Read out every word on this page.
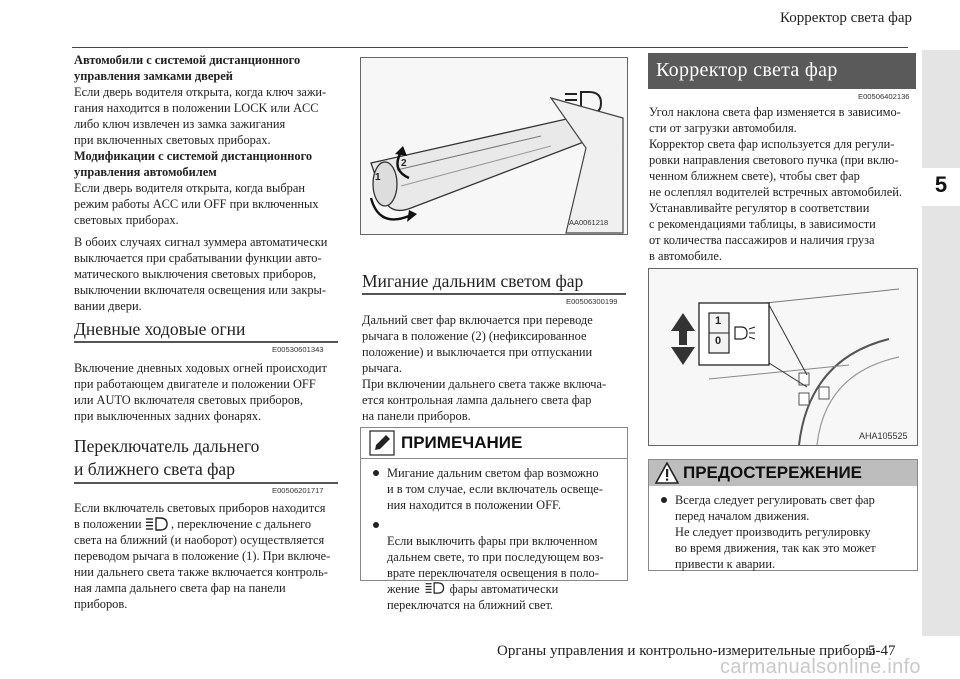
Корректор света фар
5
Автомобили с системой дистанционного
управления замками дверей
Если дверь водителя открыта, когда ключ зажи-
гания находится в положении LOCK или ACC
либо ключ извлечен из замка зажигания
при включенных световых приборах.
Модификации с системой дистанционного
управления автомобилем
Если дверь водителя открыта, когда выбран
режим работы ACC или OFF при включенных
световых приборах.
В обоих случаях сигнал зуммера автоматически
выключается при срабатывании функции авто-
матического выключения световых приборов,
выключении включателя освещения или закры-
вании двери.
Дневные ходовые огни
E00530601343
Включение дневных ходовых огней происходит
при работающем двигателе и положении OFF
или AUTO включателя световых приборов,
при выключенных задних фонарях.
Переключатель дальнего
и ближнего света фар
E00506201717
Если включатель световых приборов находится
в положении	, переключение с дальнего
света на ближний (и наоборот) осуществляется
переводом рычага в положение (1). При включе-
нии дальнего света также включается контроль-
ная лампа дальнего света фар на панели
приборов.
1
2
AA0061218
Мигание дальним светом фар
E00506300199
Дальний свет фар включается при переводе
рычага в положение (2) (нефиксированное
положение) и выключается при отпускании
рычага.
При включении дальнего света также включа-
ется контрольная лампа дальнего света фар
на панели приборов.
ПРИМЕЧАНИЕ
Мигание дальним светом фар возможно
и в том случае, если включатель освеще-
ния находится в положении OFF.

Если выключить фары при включенном
дальнем свете, то при последующем воз-
врате переключателя освещения в поло-
жение фары автоматически
переключатся на ближний свет.

Корректор света фар
E00506402136
Угол наклона света фар изменяется в зависимо-
сти от загрузки автомобиля.
Корректор света фар используется для регули-
ровки направления светового пучка (при вклю-
ченном ближнем свете), чтобы свет фар
не ослеплял водителей встречных автомобилей.
Устанавливайте регулятор в соответствии
с рекомендациями таблицы, в зависимости
от количества пассажиров и наличия груза
в автомобиле.
1
0
AHA105525
ПРЕДОСТЕРЕЖЕНИЕ
Всегда следует регулировать свет фар
перед началом движения.
Не следует производить регулировку
во время движения, так как это может
привести к аварии.
Органы управления и контрольно-измерительные приборы
5-47
carmanualsonline.info
